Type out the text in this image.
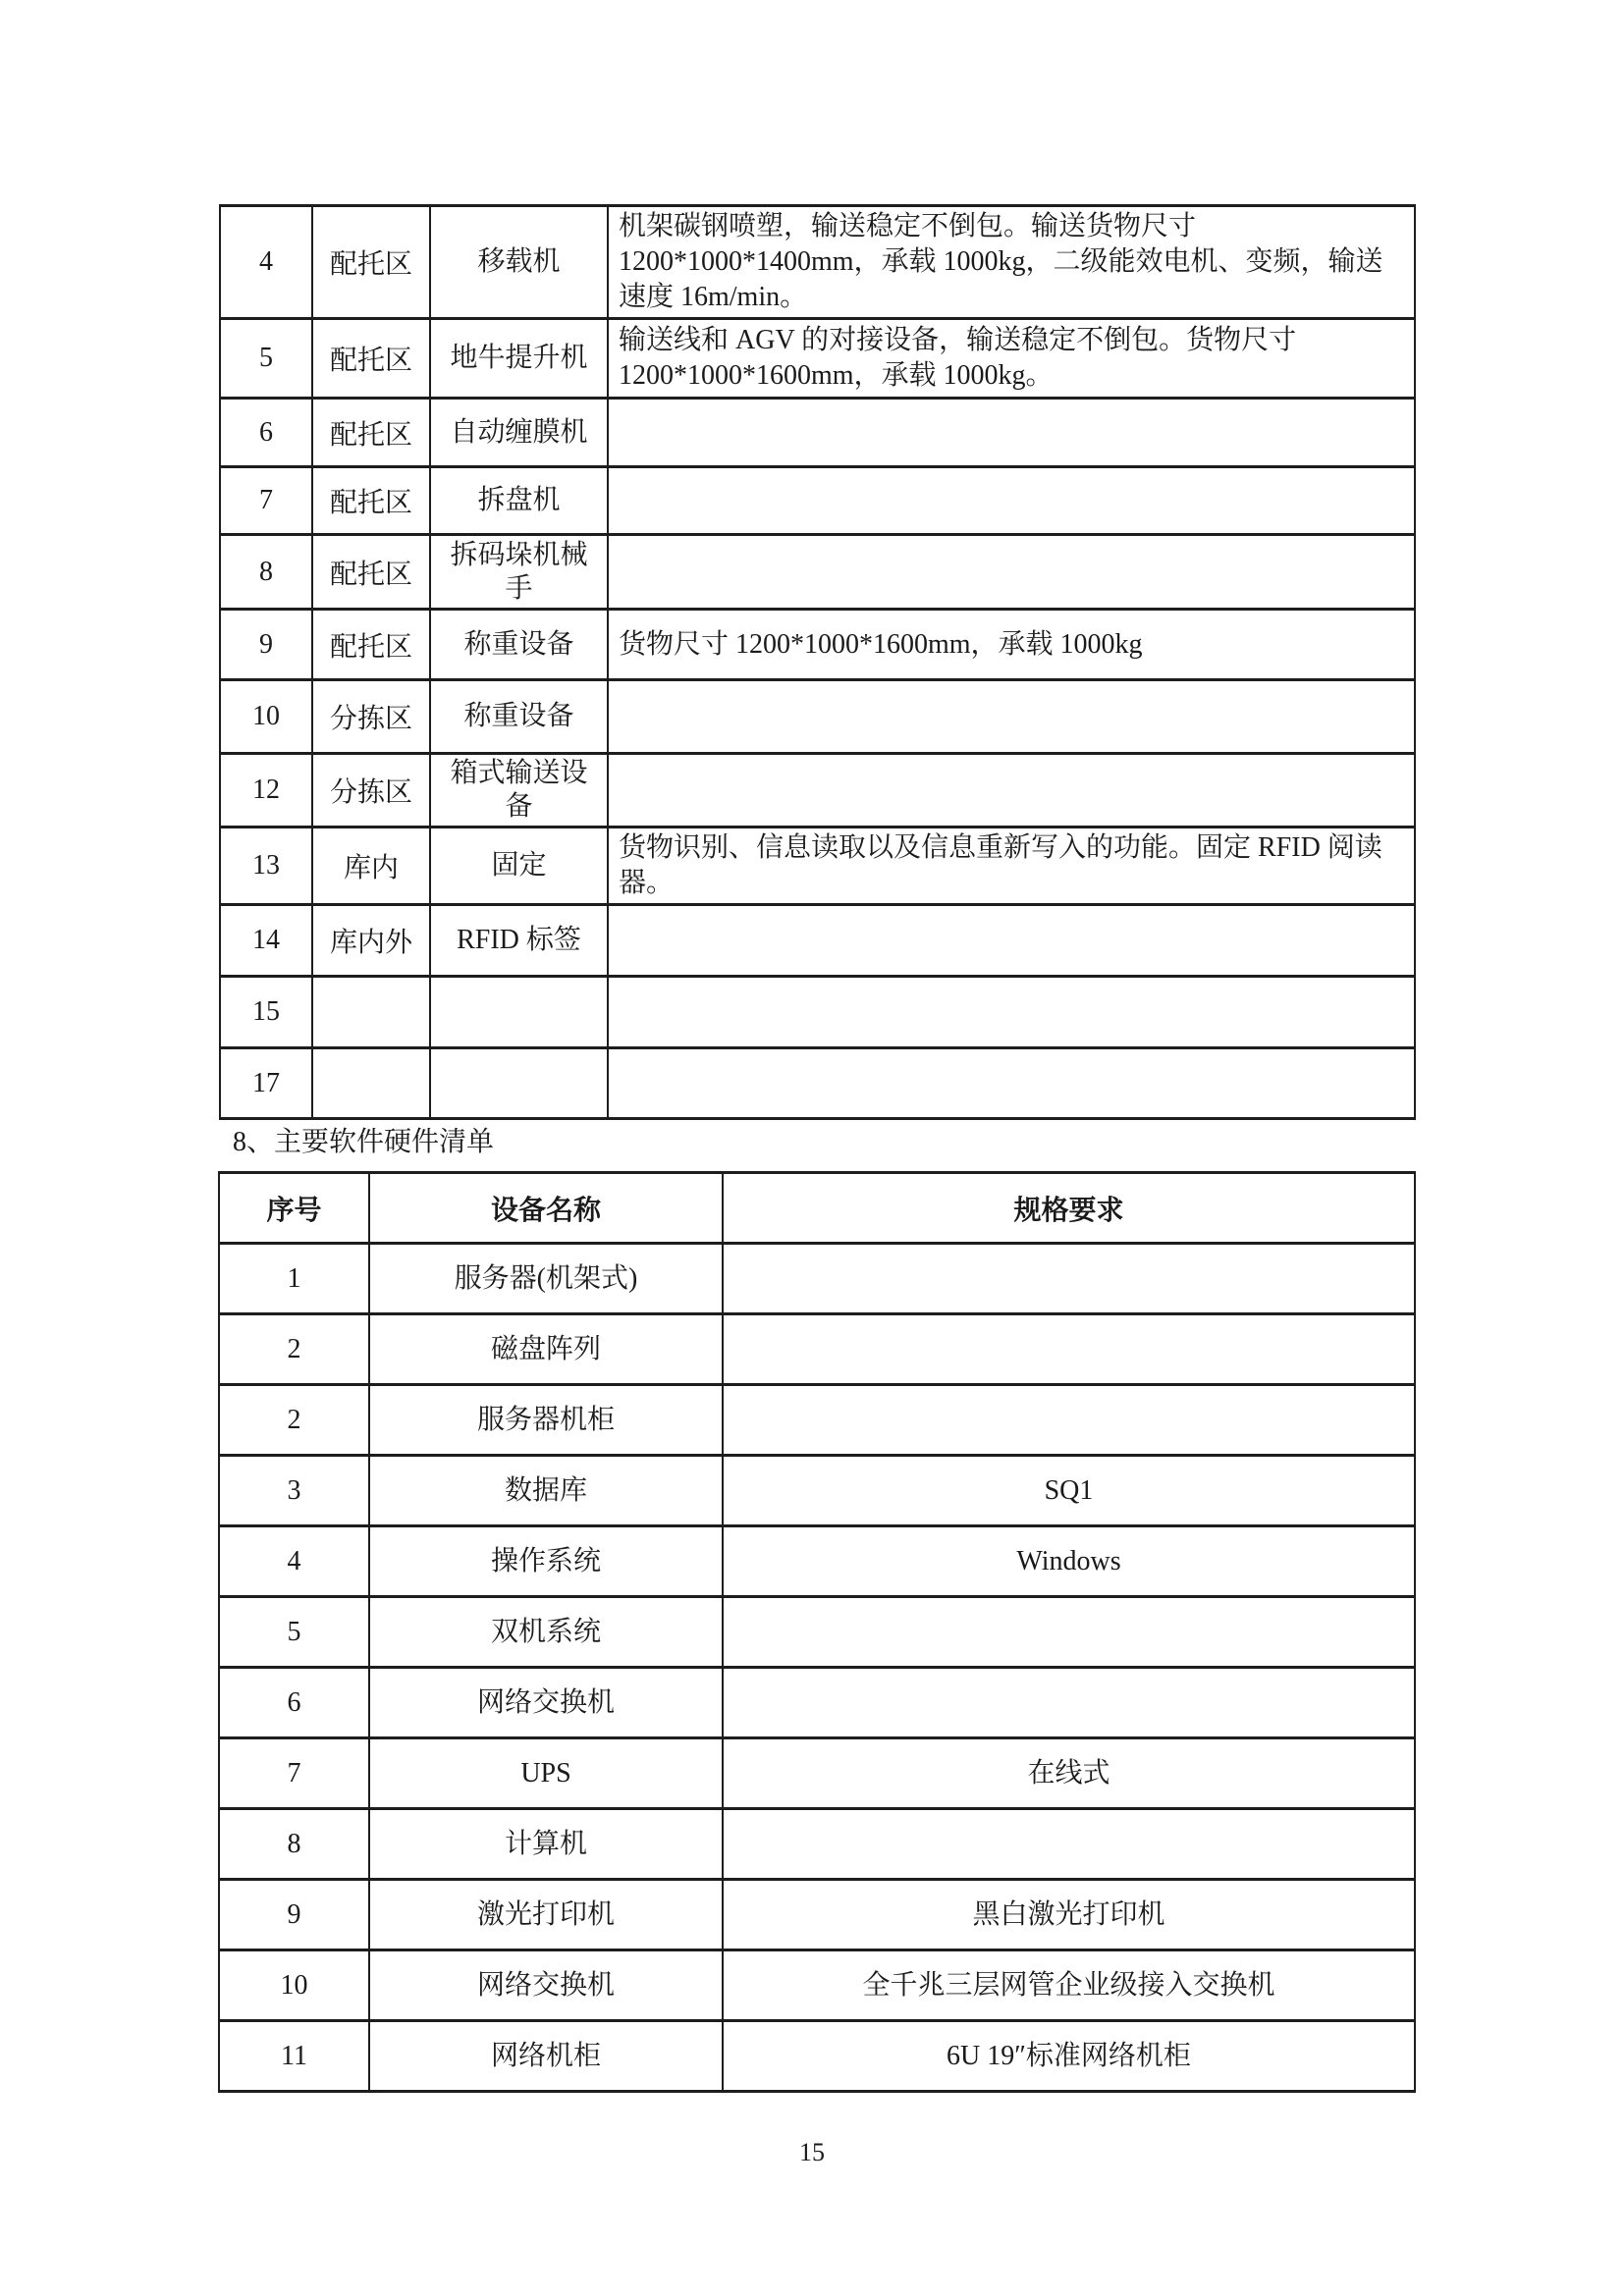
4	配托区	移载机	机架碳钢喷塑，输送稳定不倒包。输送货物尺寸 1200*1000*1400mm，承载 1000kg，二级能效电机、变频，输送速度 16m/min。
5	配托区	地牛提升机	输送线和 AGV 的对接设备，输送稳定不倒包。货物尺寸 1200*1000*1600mm，承载 1000kg。
6	配托区	自动缠膜机	
7	配托区	拆盘机	
8	配托区	拆码垛机械手	
9	配托区	称重设备	货物尺寸 1200*1000*1600mm，承载 1000kg
10	分拣区	称重设备	
12	分拣区	箱式输送设备	
13	库内	固定	货物识别、信息读取以及信息重新写入的功能。固定 RFID 阅读器。
14	库内外	RFID 标签	
15			
17			
8、主要软件硬件清单
序号	设备名称	规格要求
1	服务器(机架式)	
2	磁盘阵列	
2	服务器机柜	
3	数据库	SQ1
4	操作系统	Windows
5	双机系统	
6	网络交换机	
7	UPS	在线式
8	计算机	
9	激光打印机	黑白激光打印机
10	网络交换机	全千兆三层网管企业级接入交换机
11	网络机柜	6U 19″标准网络机柜
15
